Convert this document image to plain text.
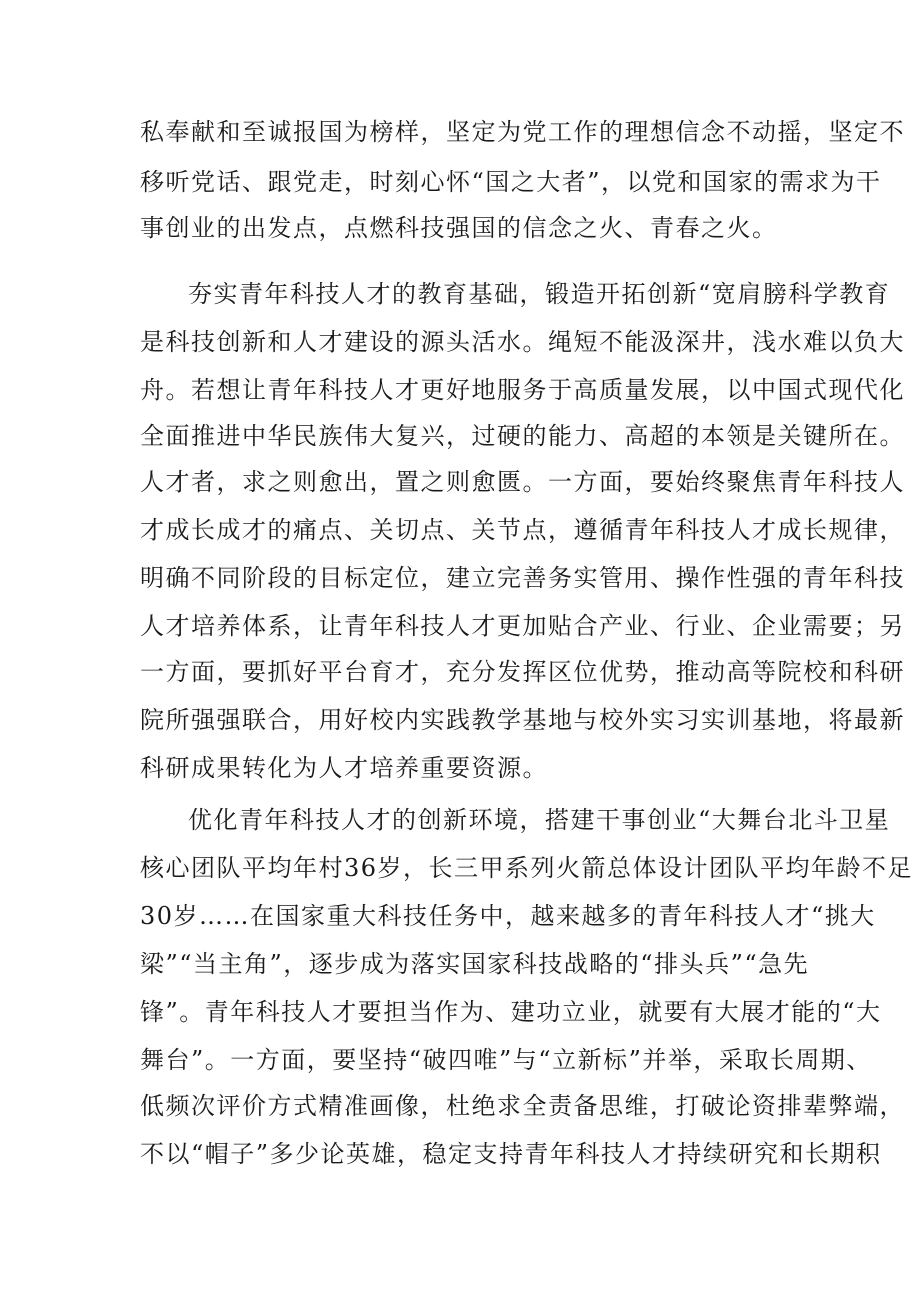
私奉献和至诚报国为榜样，坚定为党工作的理想信念不动摇，坚定不
移听党话、跟党走，时刻心怀“国之大者”，以党和国家的需求为干
事创业的出发点，点燃科技强国的信念之火、青春之火。
夯实青年科技人才的教育基础，锻造开拓创新“宽肩膀科学教育
是科技创新和人才建设的源头活水。绳短不能汲深井，浅水难以负大
舟。若想让青年科技人才更好地服务于高质量发展，以中国式现代化
全面推进中华民族伟大复兴，过硬的能力、高超的本领是关键所在。
人才者，求之则愈出，置之则愈匮。一方面，要始终聚焦青年科技人
才成长成才的痛点、关切点、关节点，遵循青年科技人才成长规律，
明确不同阶段的目标定位，建立完善务实管用、操作性强的青年科技
人才培养体系，让青年科技人才更加贴合产业、行业、企业需要；另
一方面，要抓好平台育才，充分发挥区位优势，推动高等院校和科研
院所强强联合，用好校内实践教学基地与校外实习实训基地，将最新
科研成果转化为人才培养重要资源。
优化青年科技人才的创新环境，搭建干事创业“大舞台北斗卫星
核心团队平均年村36岁，长三甲系列火箭总体设计团队平均年龄不足
30岁……在国家重大科技任务中，越来越多的青年科技人才“挑大
梁”“当主角”，逐步成为落实国家科技战略的“排头兵”“急先
锋”。青年科技人才要担当作为、建功立业，就要有大展才能的“大
舞台”。一方面，要坚持“破四唯”与“立新标”并举，采取长周期、
低频次评价方式精准画像，杜绝求全责备思维，打破论资排辈弊端，
不以“帽子”多少论英雄，稳定支持青年科技人才持续研究和长期积
